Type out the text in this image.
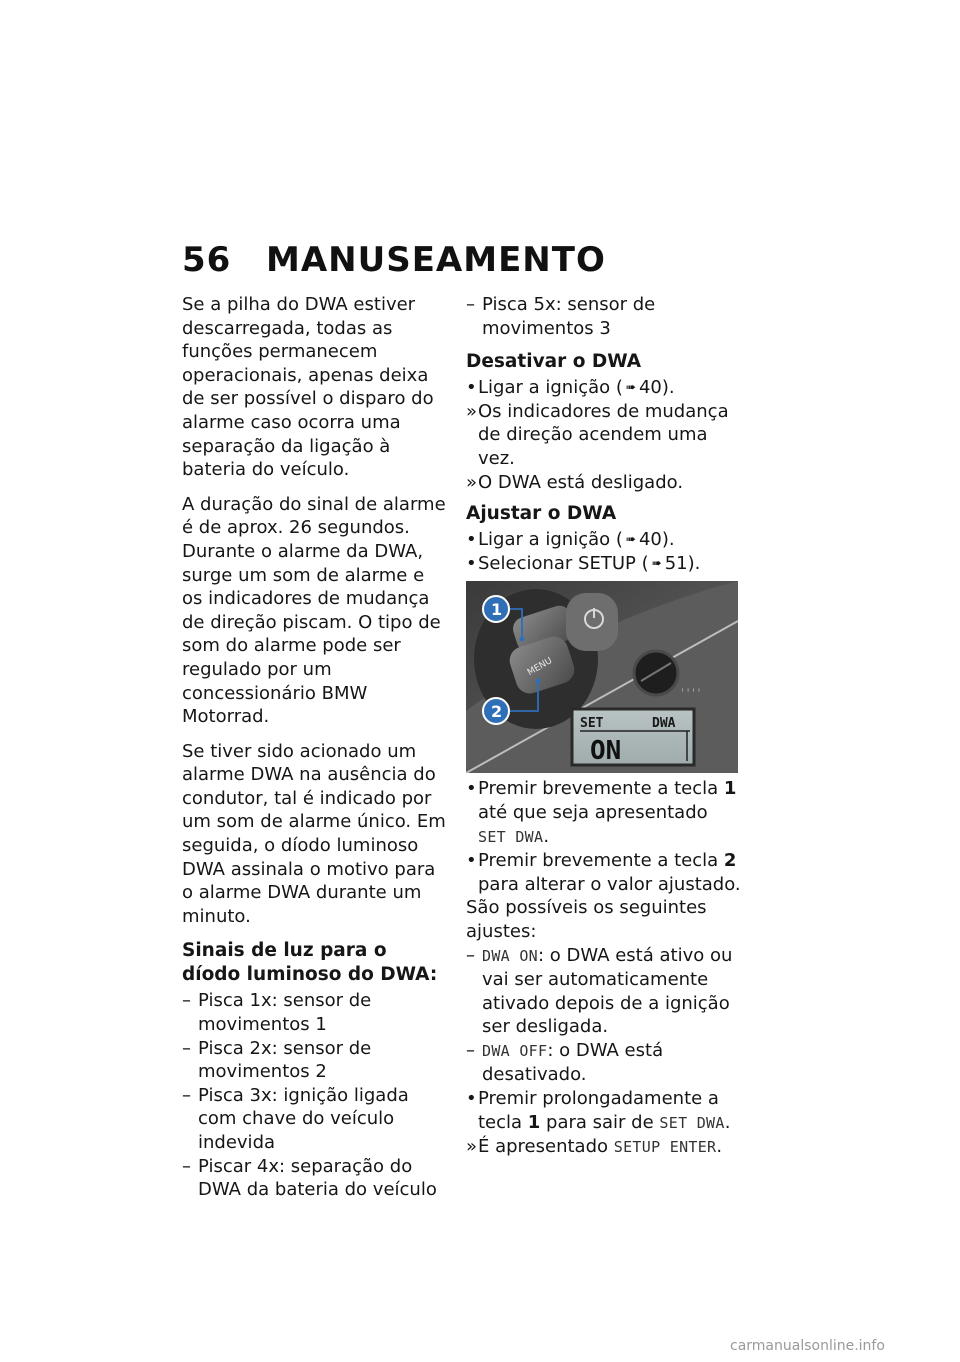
56	MANUSEAMENTO

Se a pilha do DWA estiver descarregada, todas as funções permanecem operacionais, apenas deixa de ser possível o disparo do alarme caso ocorra uma separação da ligação à bateria do veículo.

A duração do sinal de alarme é de aprox. 26 segundos. Durante o alarme da DWA, surge um som de alarme e os indicadores de mudança de direção piscam. O tipo de som do alarme pode ser regulado por um concessionário BMW Motorrad.

Se tiver sido acionado um alarme DWA na ausência do condutor, tal é indicado por um som de alarme único. Em seguida, o díodo luminoso DWA assinala o motivo para o alarme DWA durante um minuto.

Sinais de luz para o díodo luminoso do DWA:
– Pisca 1x: sensor de movimentos 1
– Pisca 2x: sensor de movimentos 2
– Pisca 3x: ignição ligada com chave do veículo indevida
– Piscar 4x: separação do DWA da bateria do veículo
– Pisca 5x: sensor de movimentos 3
Desativar o DWA
• Ligar a ignição ( ➠ 40).
» Os indicadores de mudança de direção acendem uma vez.
» O DWA está desligado.
Ajustar o DWA
• Ligar a ignição ( ➠ 40).
• Selecionar SETUP ( ➠ 51).
MENU
ꜝꜝꜝꜝ
SET	DWA
ON
1
2
• Premir brevemente a tecla 1 até que seja apresentado
SET DWA.
• Premir brevemente a tecla 2 para alterar o valor ajustado.
São possíveis os seguintes ajustes:
– DWA ON: o DWA está ativo ou vai ser automaticamente ativado depois de a ignição ser desligada.
– DWA OFF: o DWA está desativado.
• Premir prolongadamente a tecla 1 para sair de SET DWA.
» É apresentado SETUP ENTER.
carmanualsonline.info
